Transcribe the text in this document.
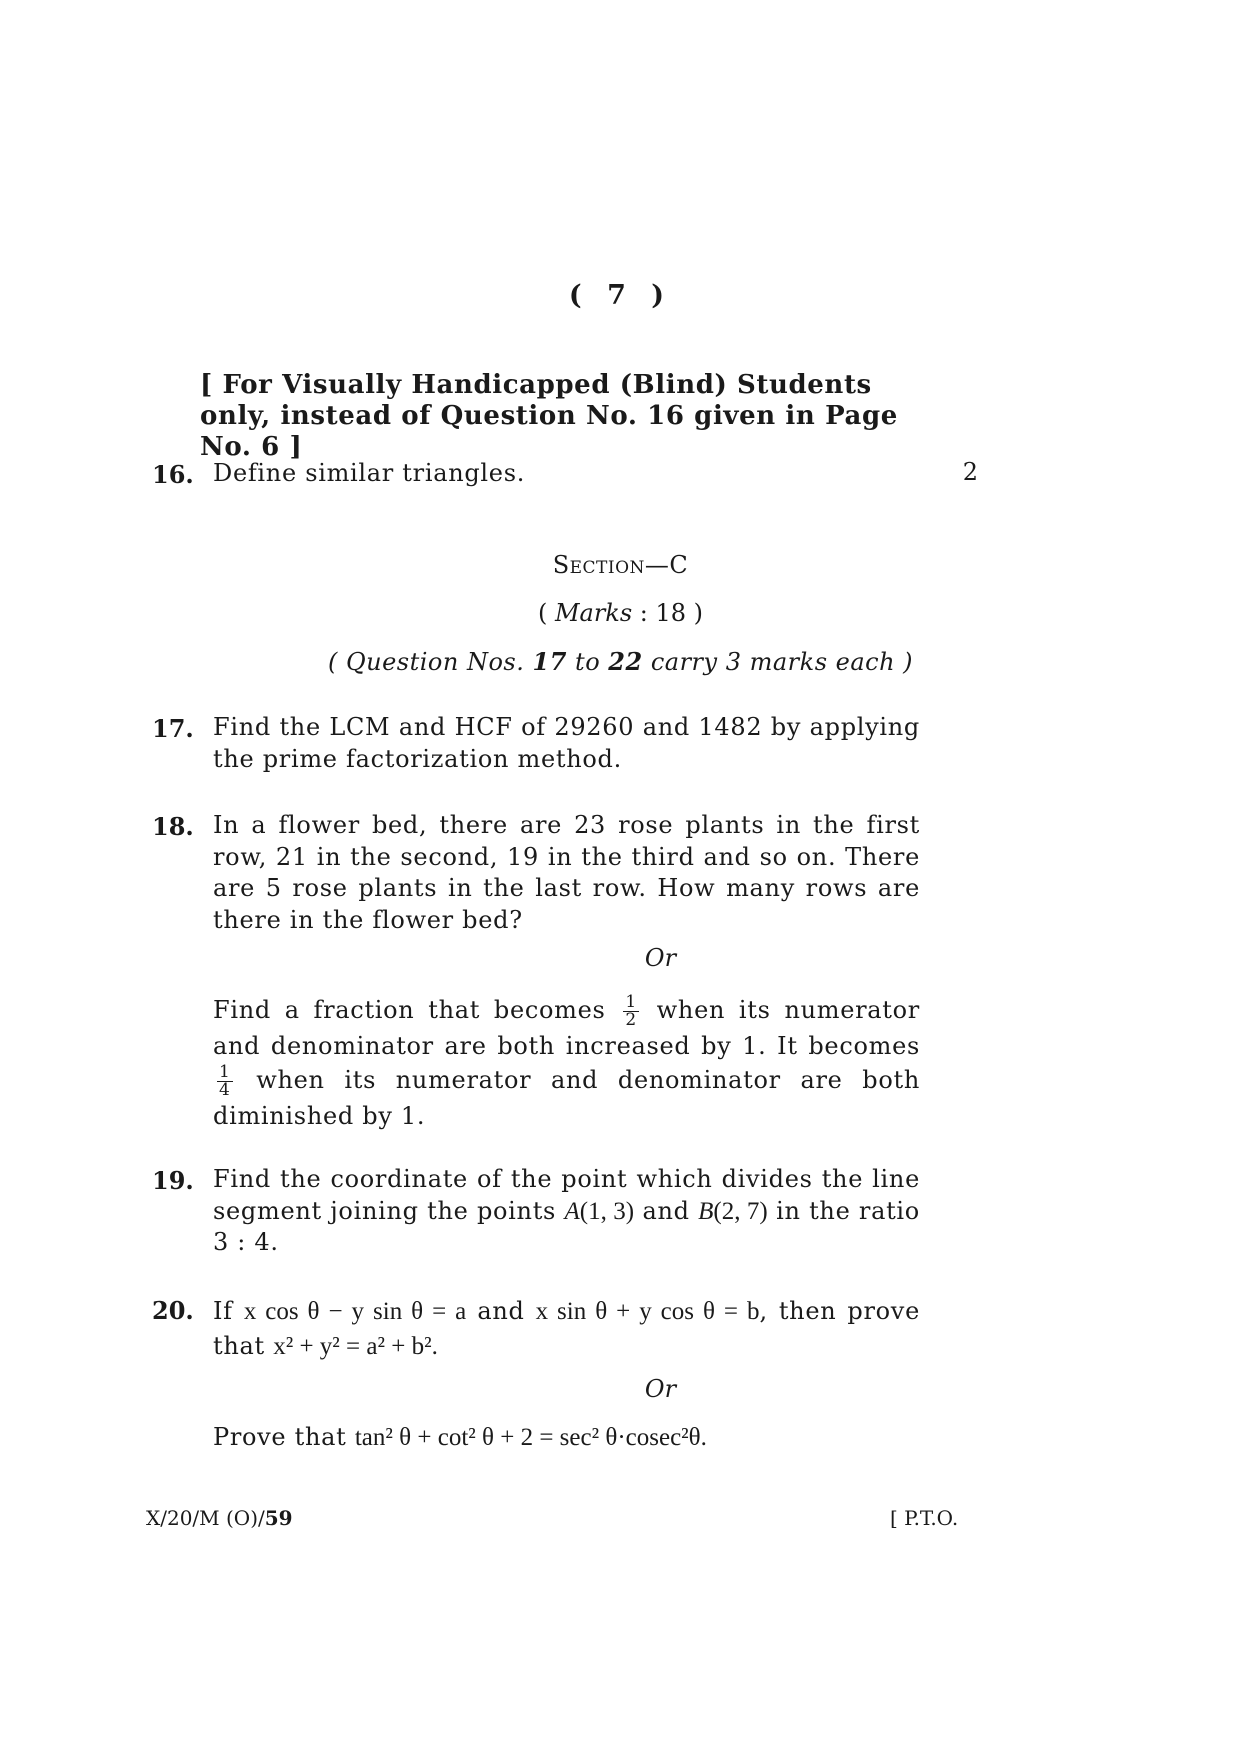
( 7 )
[ For Visually Handicapped (Blind) Students only, instead of Question No. 16 given in Page No. 6 ]
16. Define similar triangles.	2
Section—C
( Marks : 18 )
( Question Nos. 17 to 22 carry 3 marks each )
17. Find the LCM and HCF of 29260 and 1482 by applying the prime factorization method.
18. In a flower bed, there are 23 rose plants in the first row, 21 in the second, 19 in the third and so on. There are 5 rose plants in the last row. How many rows are there in the flower bed?
Or
Find a fraction that becomes $\frac{1}{2}$ when its numerator and denominator are both increased by 1. It becomes
$\frac{1}{4}$ when its numerator and denominator are both diminished by 1.
19. Find the coordinate of the point which divides the line segment joining the points A(1, 3) and B(2, 7) in the ratio 3 : 4.
20. If x cos θ − y sin θ = a and x sin θ + y cos θ = b, then prove that x² + y² = a² + b².
Or
Prove that tan² θ + cot² θ + 2 = sec² θ·cosec²θ.
X/20/M (O)/59	[ P.T.O.
